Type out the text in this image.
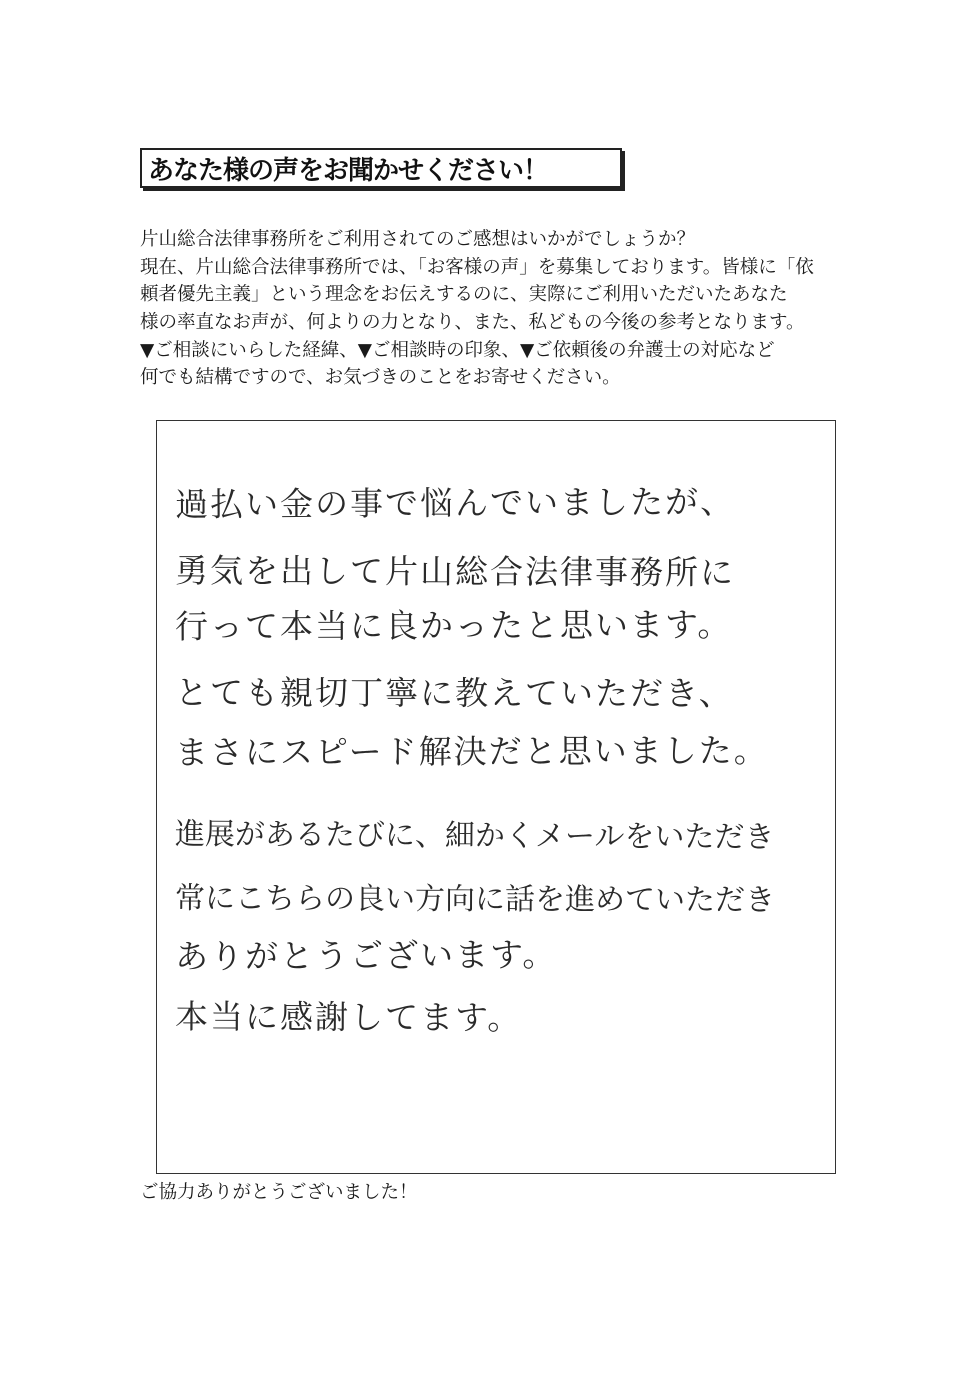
あなた様の声をお聞かせください！
片山総合法律事務所をご利用されてのご感想はいかがでしょうか？
現在、片山総合法律事務所では、「お客様の声」を募集しております。皆様に「依
頼者優先主義」という理念をお伝えするのに、実際にご利用いただいたあなた
様の率直なお声が、何よりの力となり、また、私どもの今後の参考となります。
▼ご相談にいらした経緯、▼ご相談時の印象、▼ご依頼後の弁護士の対応など
何でも結構ですので、お気づきのことをお寄せください。
過払い金の事で悩んでいましたが、
勇気を出して片山総合法律事務所に
行って本当に良かったと思います。
とても親切丁寧に教えていただき、
まさにスピード解決だと思いました。
進展があるたびに、細かくメールをいただき
常にこちらの良い方向に話を進めていただき
ありがとうございます。
本当に感謝してます。
ご協力ありがとうございました！
